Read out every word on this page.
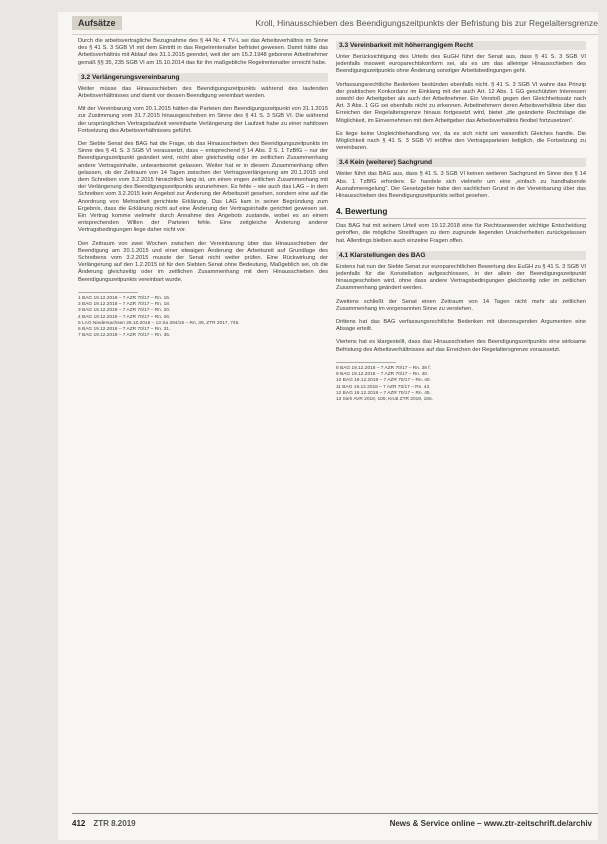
Aufsätze	Kroll, Hinausschieben des Beendigungszeitpunkts der Befristung bis zur Regelaltersgrenze

Durch die arbeitsvertragliche Bezugnahme des § 44 Nr. 4 TV-L sei das Arbeitsverhältnis im Sinne des § 41 S. 3 SGB VI mit dem Eintritt in das Regelrentenalter befristet gewesen. Damit hätte das Arbeitsverhältnis mit Ablauf des 31.1.2015 geendet, weil der am 15.2.1948 geborene Arbeitnehmer gemäß §§ 35, 235 SGB VI am 15.10.2014 das für ihn maßgebliche Regelrentenalter erreicht habe.

3.2 Verlängerungsvereinbarung

Weiter müsse das Hinausschieben des Beendigungszeitpunkts während des laufenden Arbeitsverhältnisses und damit vor dessen Beendigung vereinbart werden.

Mit der Vereinbarung vom 20.1.2015 hätten die Parteien den Beendigungszeitpunkt von 31.1.2015 zur Zustimmung vom 31.7.2015 hinausgeschoben im Sinne des § 41 S. 3 SGB VI. Die während der ursprünglichen Vertragslaufzeit vereinbarte Verlängerung der Laufzeit habe zu einer nahtlosen Fortsetzung des Arbeitsverhältnisses geführt.

Der Siebte Senat des BAG hat die Frage, ob das Hinausschieben des Beendigungszeitpunkts im Sinne des § 41 S. 3 SGB VI voraussetzt, dass – entsprechend § 14 Abs. 2 S. 1 TzBfG – nur der Beendigungszeitpunkt geändert wird, nicht aber gleichzeitig oder im zeitlichen Zusammenhang andere Vertragsinhalte, unbeantwortet gelassen. Weiter hat er in diesem Zusammenhang offen gelassen, ob der Zeitraum von 14 Tagen zwischen der Vertragsverlängerung am 20.1.2015 und dem Schreiben vom 3.2.2015 hinsichtlich lang ist, um einen engen zeitlichen Zusammenhang mit der Verlängerung des Beendigungszeitpunkts anzunehmen. Es fehle – wie auch das LAG – in dem Schreiben vom 3.2.2015 kein Angebot zur Änderung der Arbeitszeit gesehen, sondern eine auf die Anordnung von Mehrarbeit gerichtete Erklärung. Das LAG kam in seiner Begründung zum Ergebnis, dass die Erklärung nicht auf eine Änderung der Vertragsinhalte gerichtet gewesen sei. Ein Vertrag komme vielmehr durch Annahme des Angebots zustande, wobei es an einem entsprechenden Willen der Parteien fehle. Eine zeitgleiche Änderung anderer Vertragsbedingungen liege daher nicht vor.

Den Zeitraum von zwei Wochen zwischen der Vereinbarung über das Hinausschieben der Beendigung am 20.1.2015 und einer etwaigen Änderung der Arbeitszeit auf Grundlage des Schreibens vom 3.2.2015 musste der Senat nicht weiter prüfen. Eine Rückwirkung der Verlängerung auf den 1.2.2015 ist für den Siebten Senat ohne Bedeutung, Maßgeblich sei, ob die Änderung gleichzeitig oder im zeitlichen Zusammenhang mit dem Hinausschieben des Beendigungszeitpunkts vereinbart wurde.

1 BAG 19.12.2018 – 7 AZR 70/17 – Rn. 15.

2 BAG 19.12.2018 – 7 AZR 70/17 – Rn. 18.

3 BAG 19.12.2018 – 7 AZR 70/17 – Rn. 20.

4 BAG 19.12.2018 – 7 AZR 70/17 – Rn. 26.

5 LAG Niedersachsen 26.10.2016 – 13 Sa 294/16 – Rn. 39, ZTR 2017, 746.

6 BAG 19.12.2018 – 7 AZR 70/17 – Rn. 31.

7 BAG 19.12.2018 – 7 AZR 70/17 – Rn. 35.

3.3 Vereinbarkeit mit höherrangigem Recht

Unter Berücksichtigung des Urteils des EuGH führt der Senat aus, dass § 41 S. 3 SGB VI jedenfalls insoweit europarechtskonform sei, als es um das alleinige Hinausschieben des Beendigungszeitpunkts ohne Änderung sonstiger Arbeitsbedingungen geht.

Verfassungsrechtliche Bedenken bestünden ebenfalls nicht. § 41 S. 3 SGB VI wahre das Prinzip der praktischen Konkordanz im Einklang mit der auch Art. 12 Abs. 1 GG geschützten Interessen sowohl der Arbeitgeber als auch der Arbeitnehmer. Ein Verstoß gegen den Gleichheitssatz nach Art. 3 Abs. 1 GG sei ebenfalls nicht zu erkennen. Arbeitnehmern deren Arbeitsverhältnis über das Erreichen der Regelaltersgrenze hinaus fortgesetzt wird, bietet „die geänderte Rechtslage die Möglichkeit, im Einvernehmen mit dem Arbeitgeber das Arbeitsverhältnis flexibel fortzusetzen“.

Es liege keine Ungleichbehandlung vor, da es sich nicht um wesentlich Gleiches handle. Die Möglichkeit nach § 41 S. 3 SGB VI eröffne den Vertragsparteien lediglich, die Fortsetzung zu vereinbaren.

3.4 Kein (weiterer) Sachgrund

Weiter führt das BAG aus, dass § 41 S. 3 SGB VI keinen weiteren Sachgrund im Sinne des § 14 Abs. 1 TzBfG erfordere. Er handele sich vielmehr um eine „einfach zu handhabende Ausnahmeregelung“. Der Gesetzgeber habe den sachlichen Grund in der Vereinbarung über das Hinausschieben des Beendigungszeitpunkts selbst gesehen.

4. Bewertung

Das BAG hat mit seinem Urteil vom 19.12.2018 eine für Rechtsanwender wichtige Entscheidung getroffen, die mögliche Streitfragen zu dem zugrunde liegenden Unsicherheiten zurückgelassen hat. Allerdings bleiben auch einzelne Fragen offen.

4.1 Klarstellungen des BAG

Erstens hat nun der Siebte Senat zur europarechtlichen Bewertung des EuGH zu § 41 S. 3 SGB VI jedenfalls für die Konstellation aufgeschlossen, in der allein der Beendigungszeitpunkt hinausgeschoben wird, ohne dass andere Vertragsbedingungen gleichzeitig oder im zeitlichen Zusammenhang geändert werden.

Zweitens schließt der Senat einen Zeitraum von 14 Tagen nicht mehr als zeitlichen Zusammenhang im vorgenannten Sinne zu verstehen.

Drittens hat das BAG verfassungsrechtliche Bedenken mit überzeugenden Argumenten eine Absage erteilt.

Viertens hat es klargestellt, dass das Hinausschieben des Beendigungszeitpunkts eine wirksame Befristung des Arbeitsverhältnisses auf das Erreichen der Regelaltersgrenze voraussetzt.

8 BAG 19.12.2018 – 7 AZR 70/17 – Rn. 38 f.

9 BAG 19.12.2018 – 7 AZR 70/17 – Rn. 40.

10 BAG 19.12.2018 – 7 AZR 70/17 – Rn. 40.

11 BAG 19.12.2018 – 7 AZR 70/17 – Rn. 42.

12 BAG 19.12.2018 – 7 AZR 70/17 – Rn. 45.

13 Sieh AVR 2019, 105; Krutt ZTR 2019, 165.

412 ZTR 8.2019	News & Service online – www.ztr-zeitschrift.de/archiv
